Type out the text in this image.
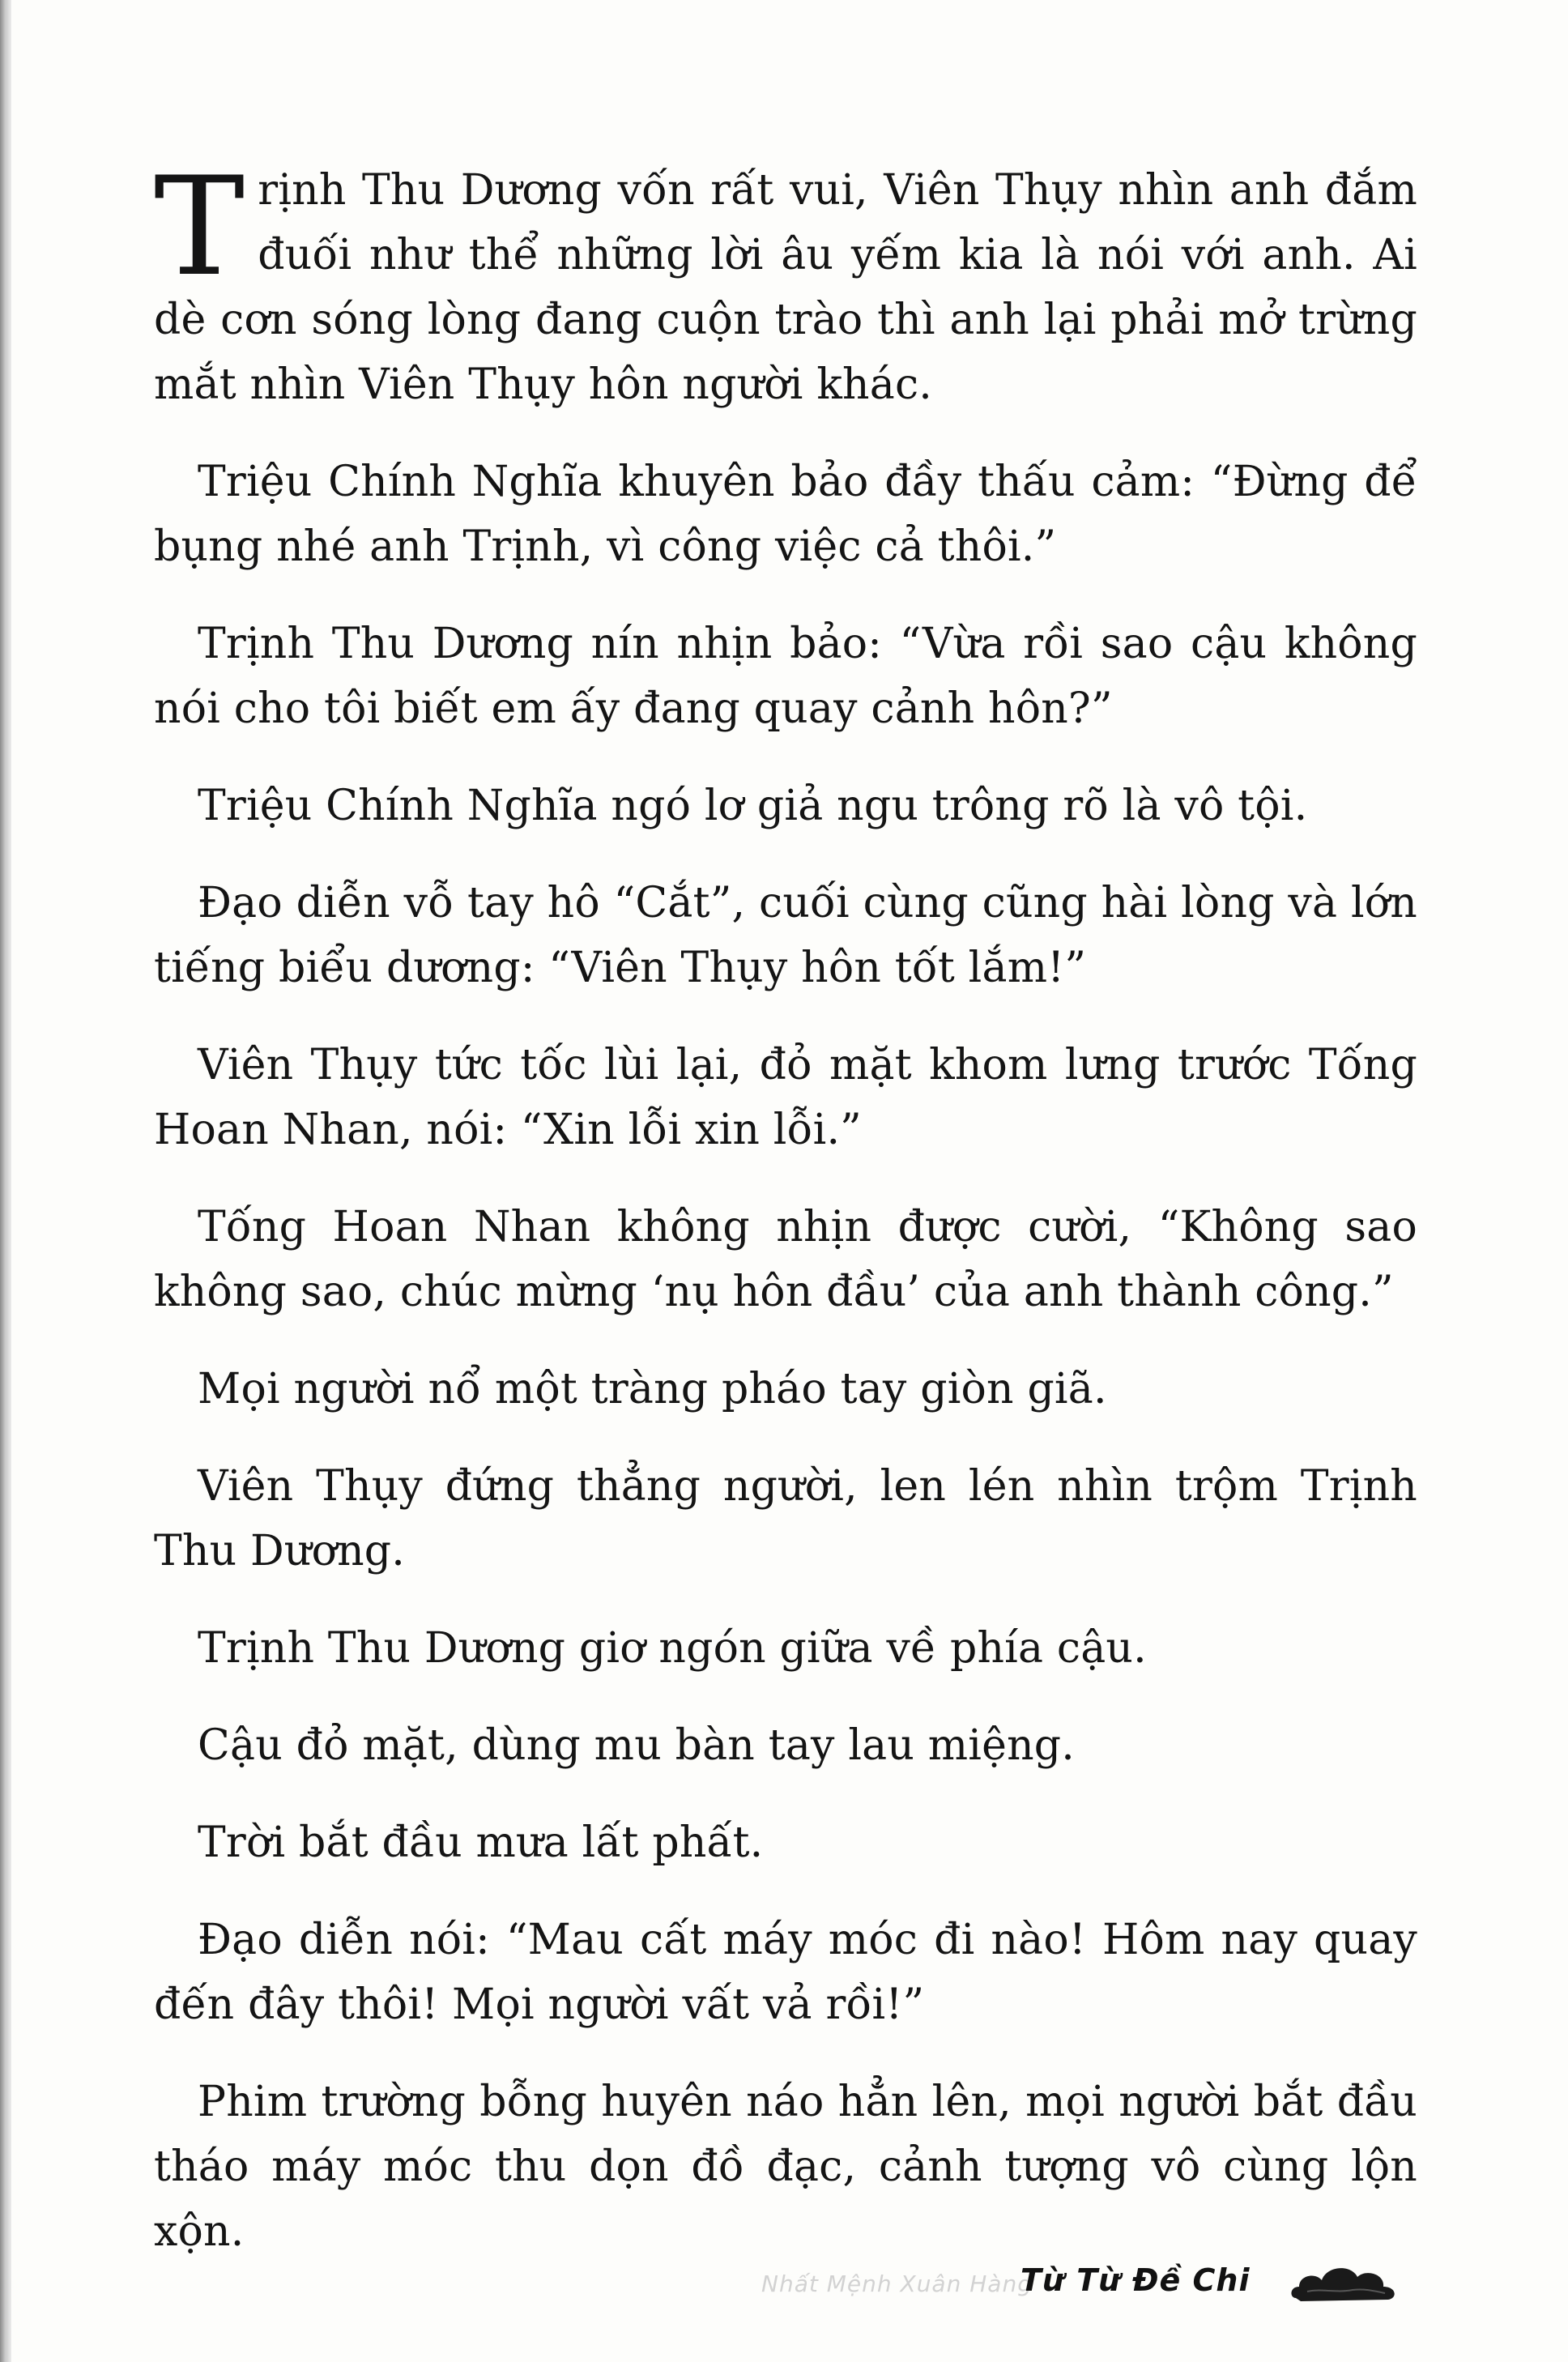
Trịnh Thu Dương vốn rất vui, Viên Thụy nhìn anh đắm đuối như thể những lời âu yếm kia là nói với anh. Ai dè cơn sóng lòng đang cuộn trào thì anh lại phải mở trừng mắt nhìn Viên Thụy hôn người khác.

Triệu Chính Nghĩa khuyên bảo đầy thấu cảm: “Đừng để bụng nhé anh Trịnh, vì công việc cả thôi.”

Trịnh Thu Dương nín nhịn bảo: “Vừa rồi sao cậu không nói cho tôi biết em ấy đang quay cảnh hôn?”

Triệu Chính Nghĩa ngó lơ giả ngu trông rõ là vô tội.

Đạo diễn vỗ tay hô “Cắt”, cuối cùng cũng hài lòng và lớn tiếng biểu dương: “Viên Thụy hôn tốt lắm!”

Viên Thụy tức tốc lùi lại, đỏ mặt khom lưng trước Tống Hoan Nhan, nói: “Xin lỗi xin lỗi.”

Tống Hoan Nhan không nhịn được cười, “Không sao không sao, chúc mừng ‘nụ hôn đầu’ của anh thành công.”

Mọi người nổ một tràng pháo tay giòn giã.

Viên Thụy đứng thẳng người, len lén nhìn trộm Trịnh Thu Dương.

Trịnh Thu Dương giơ ngón giữa về phía cậu.

Cậu đỏ mặt, dùng mu bàn tay lau miệng.

Trời bắt đầu mưa lất phất.

Đạo diễn nói: “Mau cất máy móc đi nào! Hôm nay quay đến đây thôi! Mọi người vất vả rồi!”

Phim trường bỗng huyên náo hẳn lên, mọi người bắt đầu tháo máy móc thu dọn đồ đạc, cảnh tượng vô cùng lộn xộn.

Nhất Mệnh Xuân Hàng
Từ Từ Đề Chi
